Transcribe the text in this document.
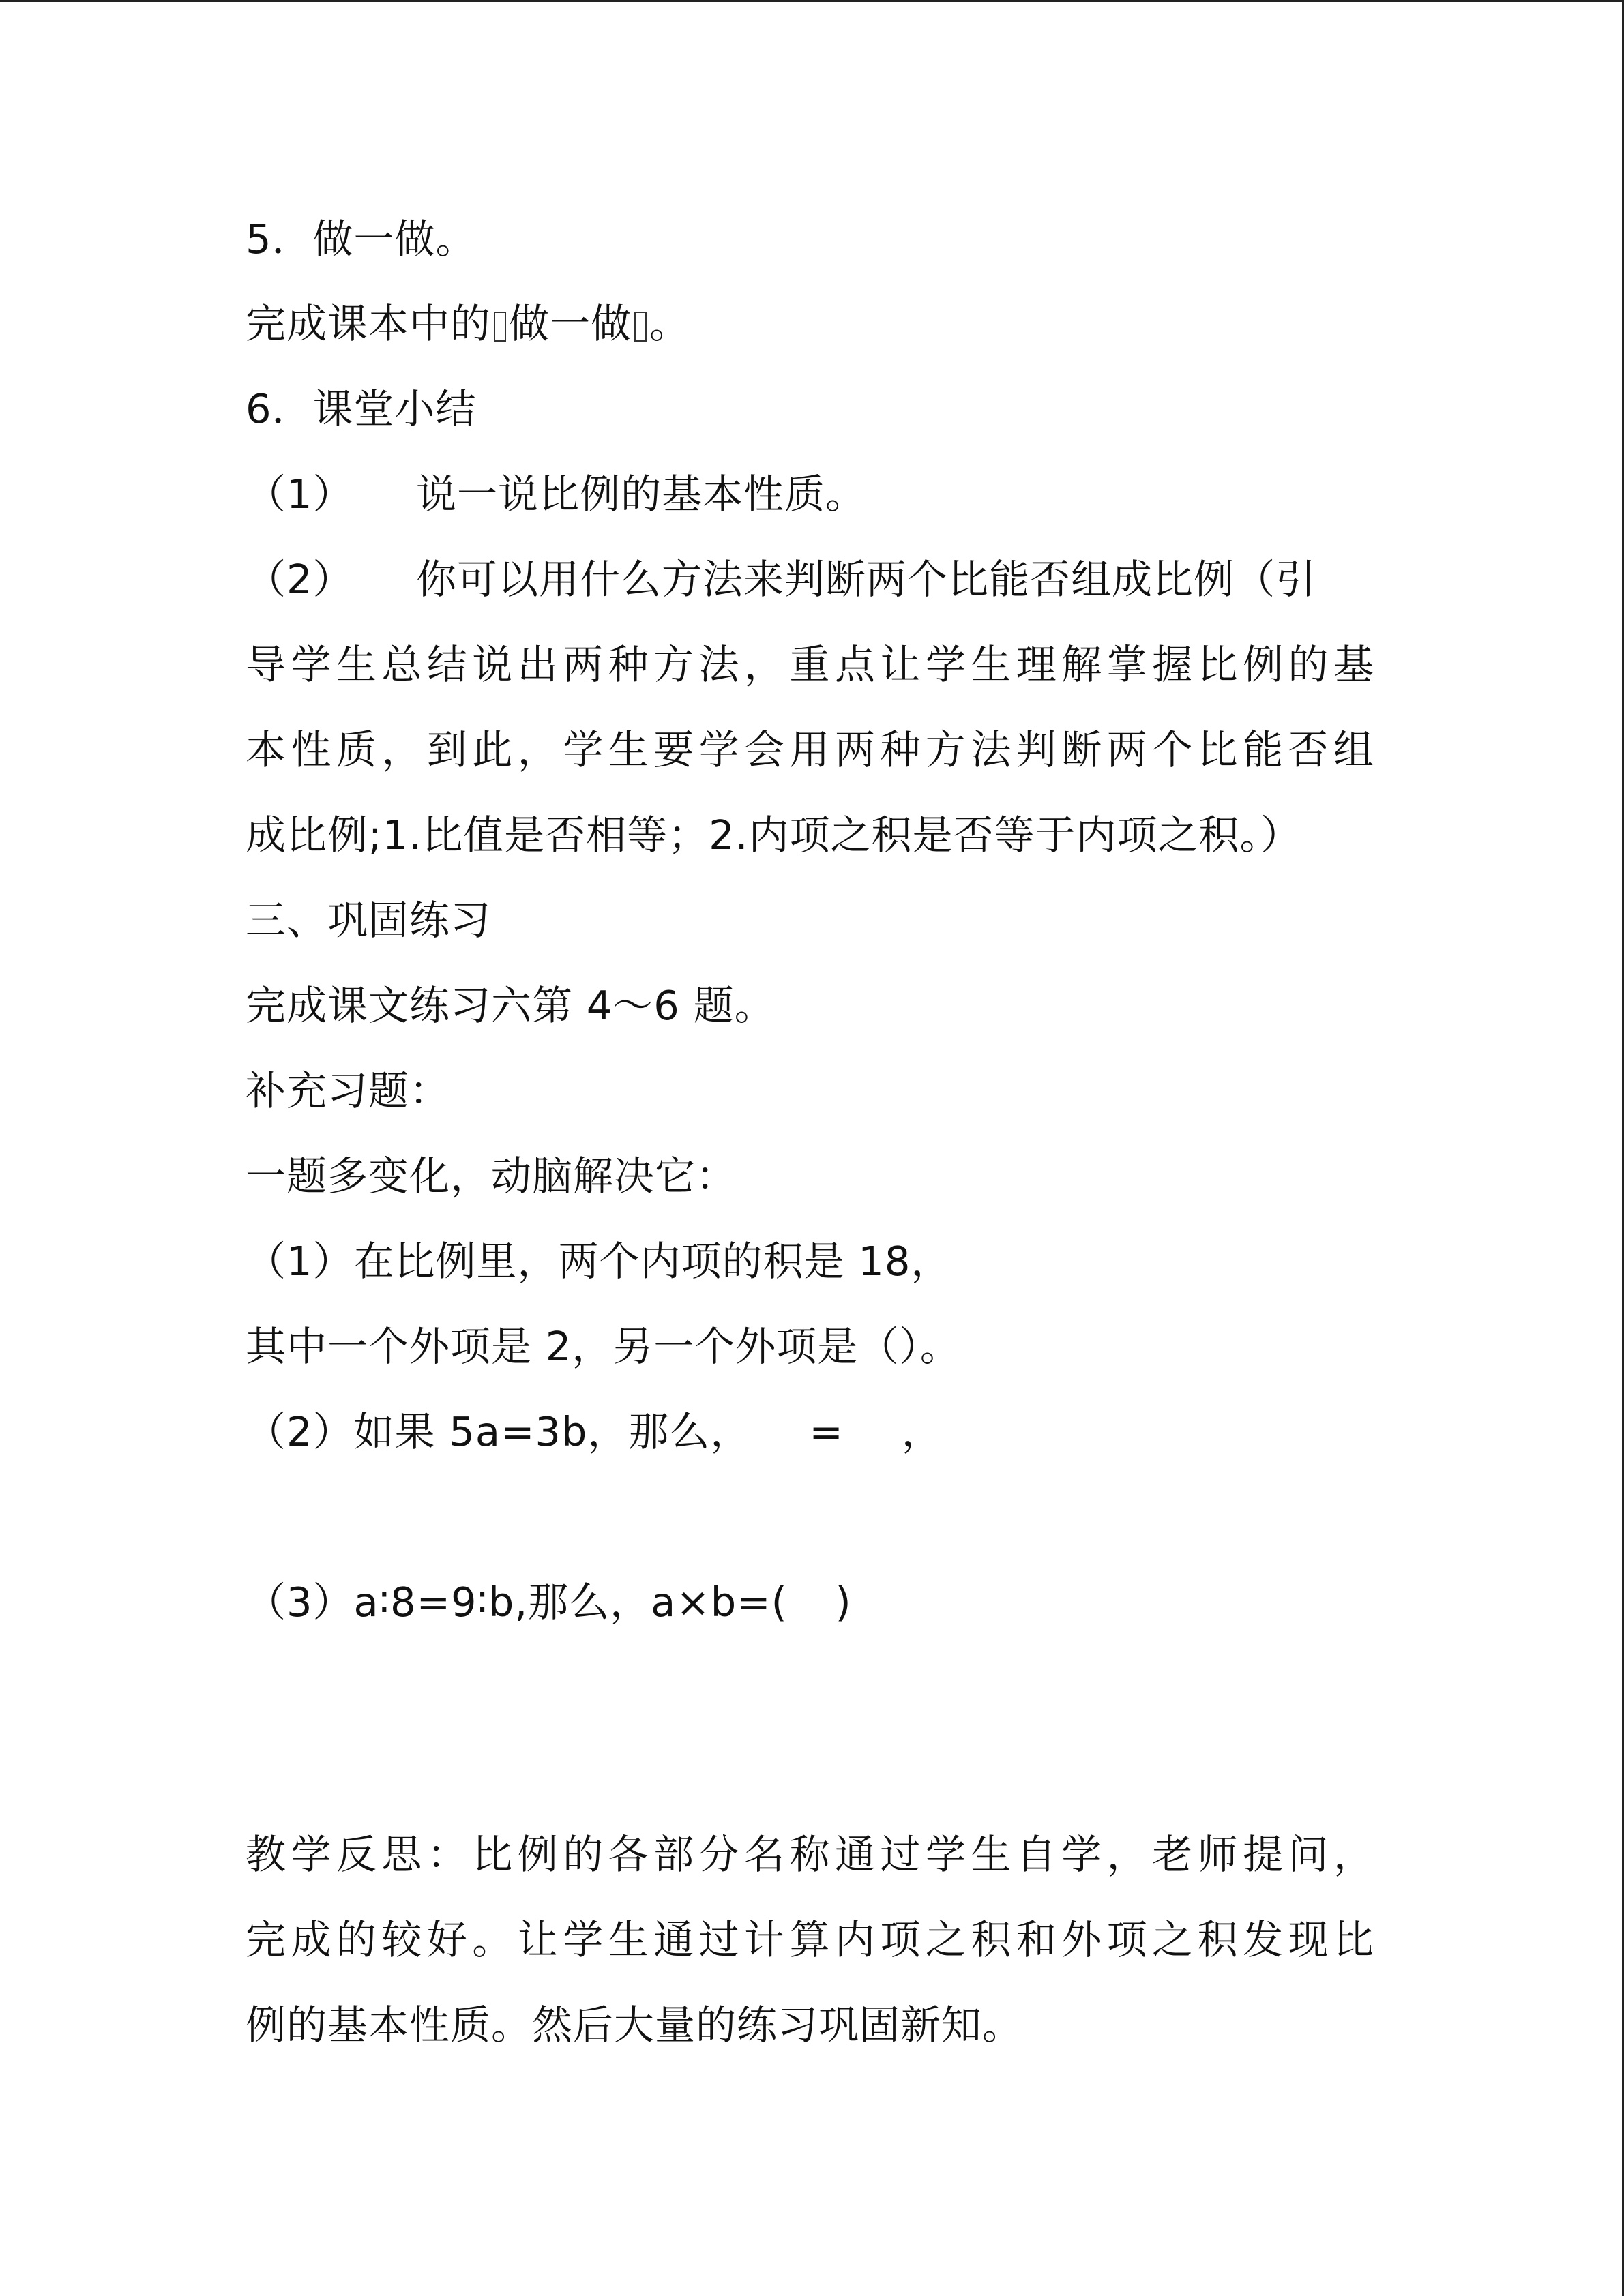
5．做一做。
完成课本中的 做一做 。
6．课堂小结
（1） 说一说比例的基本性质。
（2） 你可以用什么方法来判断两个比能否组成比例（引
导学生总结说出两种方法，重点让学生理解掌握比例的基
本性质，到此，学生要学会用两种方法判断两个比能否组
成比例;1.比值是否相等；2.内项之积是否等于内项之积。）
三、巩固练习
完成课文练习六第 4～6 题。
补充习题：
一题多变化，动脑解决它：
（1）在比例里，两个内项的积是 18，
其中一个外项是 2，另一个外项是（）。
（2）如果 5a=3b，那么， = ，
（3）a∶8=9∶b,那么，a×b=( )
教学反思：比例的各部分名称通过学生自学，老师提问，
完成的较好。让学生通过计算内项之积和外项之积发现比
例的基本性质。然后大量的练习巩固新知。
